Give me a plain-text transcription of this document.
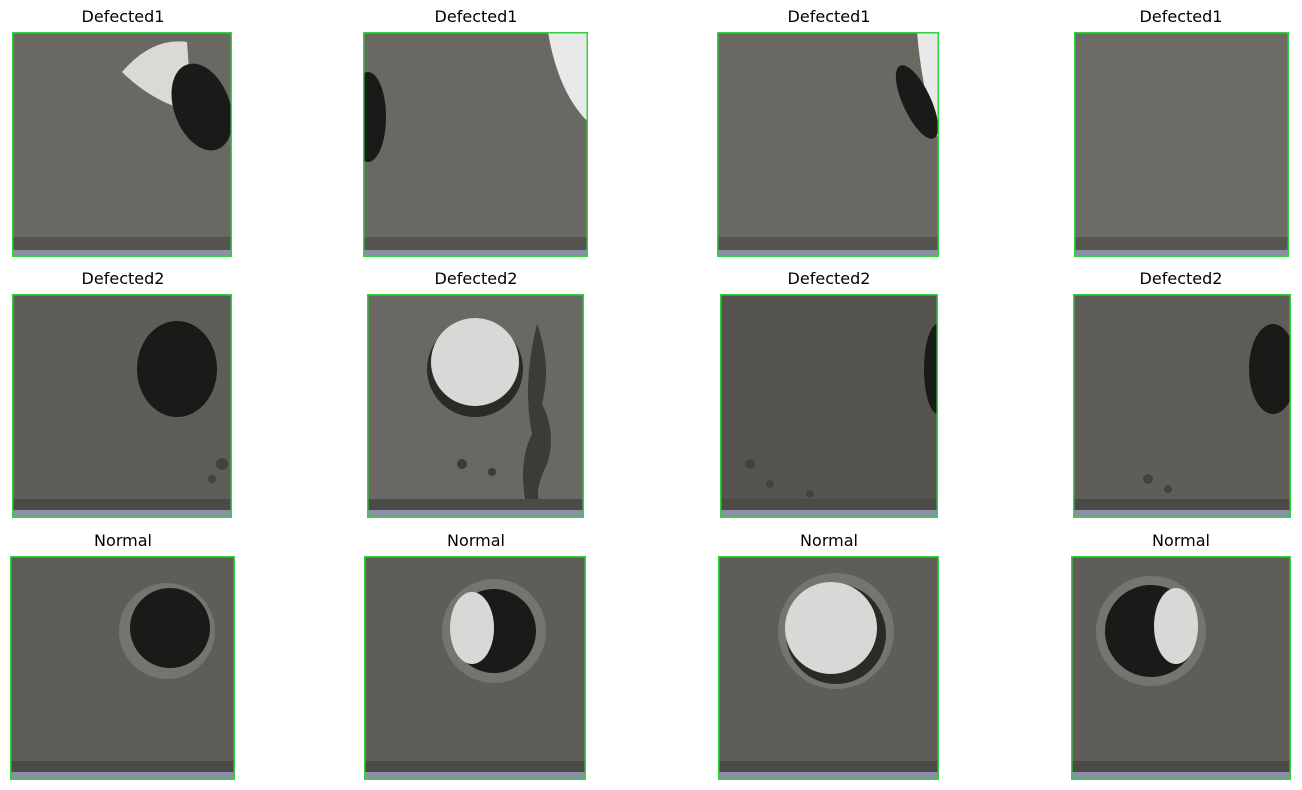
Defected1	Defected1	Defected1	Defected1
Defected2	Defected2	Defected2	Defected2
Normal	Normal	Normal	Normal
